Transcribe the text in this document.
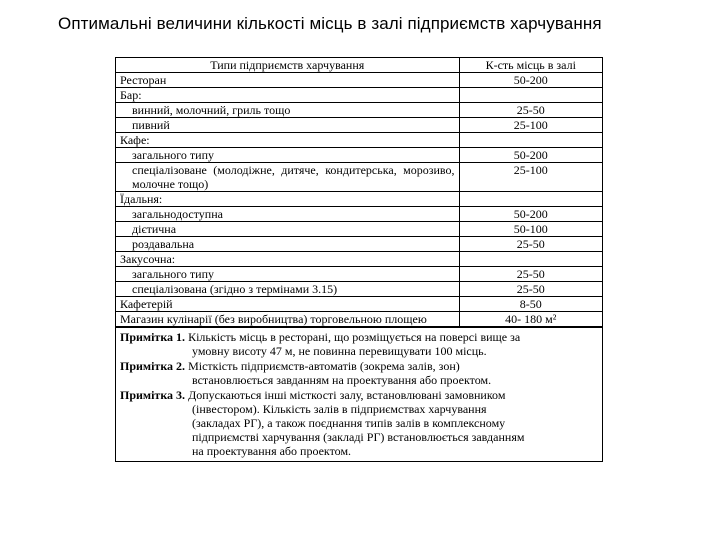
Оптимальні величини кількості місць в залі підприємств харчування
Типи підприємств харчування	К-сть місць в залі
Ресторан	50-200
Бар:	
винний, молочний, гриль тощо	25-50
пивний	25-100
Кафе:	
загального типу	50-200
спеціалізоване (молодіжне, дитяче, кондитерська, морозиво, молочне тощо)	25-100
Їдальня:	
загальнодоступна	50-200
дієтична	50-100
роздавальна	25-50
Закусочна:	
загального типу	25-50
спеціалізована (згідно з термінами 3.15)	25-50
Кафетерій	8-50
Магазин кулінарії (без виробництва) торговельною площею	40- 180 м²
Примітка 1. Кількість місць в ресторані, що розміщується на поверсі вище за
умовну висоту 47 м, не повинна перевищувати 100 місць.
Примітка 2. Місткість підприємств-автоматів (зокрема залів, зон)
встановлюється завданням на проектування або проектом.
Примітка 3. Допускаються інші місткості залу, встановлювані замовником
(інвестором). Кількість залів в підприємствах харчування
(закладах РГ), а також поєднання типів залів в комплексному
підприємстві харчування (закладі РГ) встановлюється завданням
на проектування або проектом.
